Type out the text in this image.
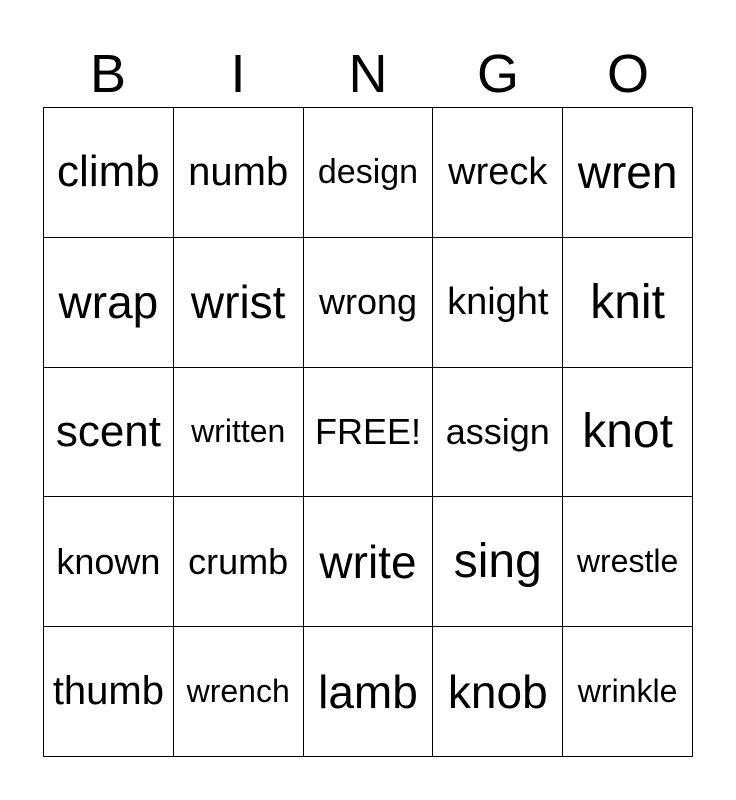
B	I	N	G	O
climb numb design wreck wren
wrap wrist wrong knight knit
scent written FREE! assign knot
known crumb write sing	wrestle
thumb wrench lamb knob wrinkle
